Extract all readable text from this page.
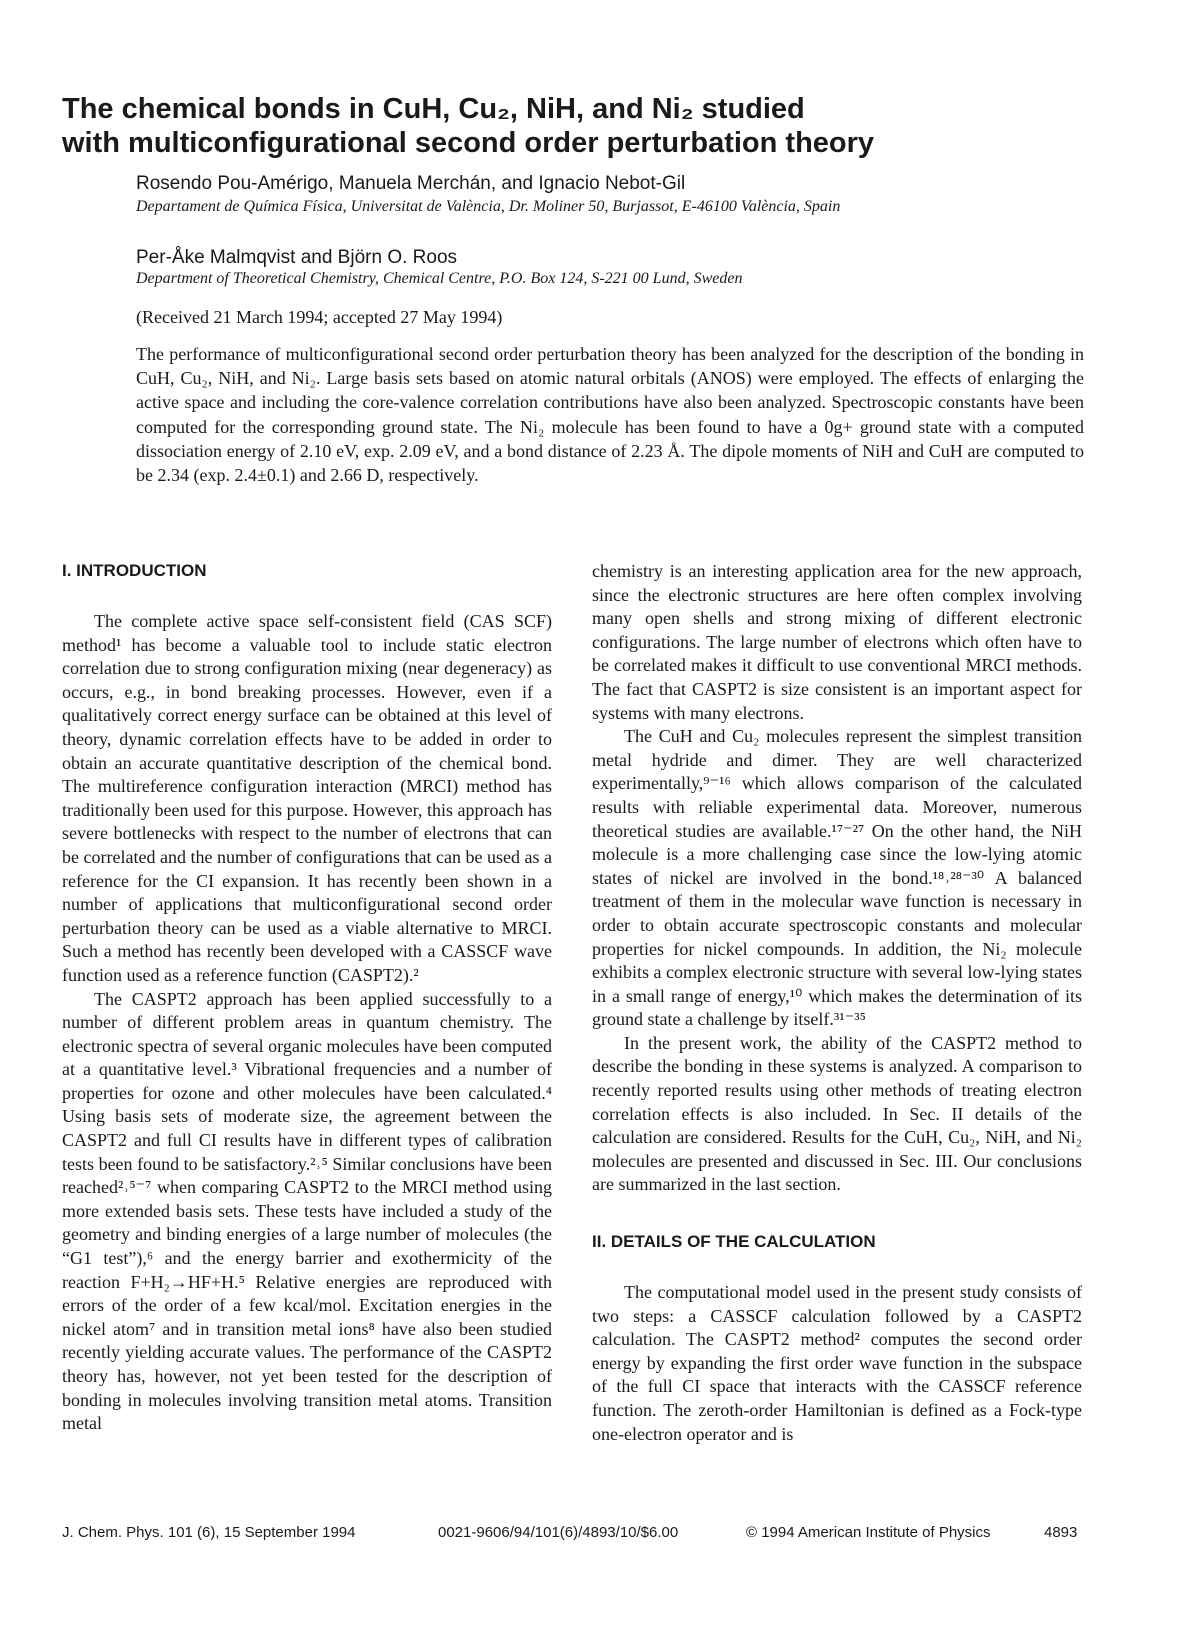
The chemical bonds in CuH, Cu₂, NiH, and Ni₂ studied
with multiconfigurational second order perturbation theory
Rosendo Pou-Amérigo, Manuela Merchán, and Ignacio Nebot-Gil
Departament de Química Física, Universitat de València, Dr. Moliner 50, Burjassot, E-46100 València, Spain
Per-Åke Malmqvist and Björn O. Roos
Department of Theoretical Chemistry, Chemical Centre, P.O. Box 124, S-221 00 Lund, Sweden
(Received 21 March 1994; accepted 27 May 1994)
The performance of multiconfigurational second order perturbation theory has been analyzed for the description of the bonding in CuH, Cu₂, NiH, and Ni₂. Large basis sets based on atomic natural orbitals (ANOS) were employed. The effects of enlarging the active space and including the core-valence correlation contributions have also been analyzed. Spectroscopic constants have been computed for the corresponding ground state. The Ni₂ molecule has been found to have a 0g+ ground state with a computed dissociation energy of 2.10 eV, exp. 2.09 eV, and a bond distance of 2.23 Å. The dipole moments of NiH and CuH are computed to be 2.34 (exp. 2.4±0.1) and 2.66 D, respectively.
I. INTRODUCTION

The complete active space self-consistent field (CAS SCF) method¹ has become a valuable tool to include static electron correlation due to strong configuration mixing (near degeneracy) as occurs, e.g., in bond breaking processes. However, even if a qualitatively correct energy surface can be obtained at this level of theory, dynamic correlation effects have to be added in order to obtain an accurate quantitative description of the chemical bond. The multireference configuration interaction (MRCI) method has traditionally been used for this purpose. However, this approach has severe bottlenecks with respect to the number of electrons that can be correlated and the number of configurations that can be used as a reference for the CI expansion. It has recently been shown in a number of applications that multiconfigurational second order perturbation theory can be used as a viable alternative to MRCI. Such a method has recently been developed with a CASSCF wave function used as a reference function (CASPT2).²

The CASPT2 approach has been applied successfully to a number of different problem areas in quantum chemistry. The electronic spectra of several organic molecules have been computed at a quantitative level.³ Vibrational frequencies and a number of properties for ozone and other molecules have been calculated.⁴ Using basis sets of moderate size, the agreement between the CASPT2 and full CI results have in different types of calibration tests been found to be satisfactory.²˒⁵ Similar conclusions have been reached²˒⁵⁻⁷ when comparing CASPT2 to the MRCI method using more extended basis sets. These tests have included a study of the geometry and binding energies of a large number of molecules (the “G1 test”),⁶ and the energy barrier and exothermicity of the reaction F+H₂→HF+H.⁵ Relative energies are reproduced with errors of the order of a few kcal/mol. Excitation energies in the nickel atom⁷ and in transition metal ions⁸ have also been studied recently yielding accurate values. The performance of the CASPT2 theory has, however, not yet been tested for the description of bonding in molecules involving transition metal atoms. Transition metal

chemistry is an interesting application area for the new approach, since the electronic structures are here often complex involving many open shells and strong mixing of different electronic configurations. The large number of electrons which often have to be correlated makes it difficult to use conventional MRCI methods. The fact that CASPT2 is size consistent is an important aspect for systems with many electrons.

The CuH and Cu₂ molecules represent the simplest transition metal hydride and dimer. They are well characterized experimentally,⁹⁻¹⁶ which allows comparison of the calculated results with reliable experimental data. Moreover, numerous theoretical studies are available.¹⁷⁻²⁷ On the other hand, the NiH molecule is a more challenging case since the low-lying atomic states of nickel are involved in the bond.¹⁸˒²⁸⁻³⁰ A balanced treatment of them in the molecular wave function is necessary in order to obtain accurate spectroscopic constants and molecular properties for nickel compounds. In addition, the Ni₂ molecule exhibits a complex electronic structure with several low-lying states in a small range of energy,¹⁰ which makes the determination of its ground state a challenge by itself.³¹⁻³⁵

In the present work, the ability of the CASPT2 method to describe the bonding in these systems is analyzed. A comparison to recently reported results using other methods of treating electron correlation effects is also included. In Sec. II details of the calculation are considered. Results for the CuH, Cu₂, NiH, and Ni₂ molecules are presented and discussed in Sec. III. Our conclusions are summarized in the last section.

II. DETAILS OF THE CALCULATION

The computational model used in the present study consists of two steps: a CASSCF calculation followed by a CASPT2 calculation. The CASPT2 method² computes the second order energy by expanding the first order wave function in the subspace of the full CI space that interacts with the CASSCF reference function. The zeroth-order Hamiltonian is defined as a Fock-type one-electron operator and is

J. Chem. Phys. 101 (6), 15 September 1994	0021-9606/94/101(6)/4893/10/$6.00	© 1994 American Institute of Physics	4893
